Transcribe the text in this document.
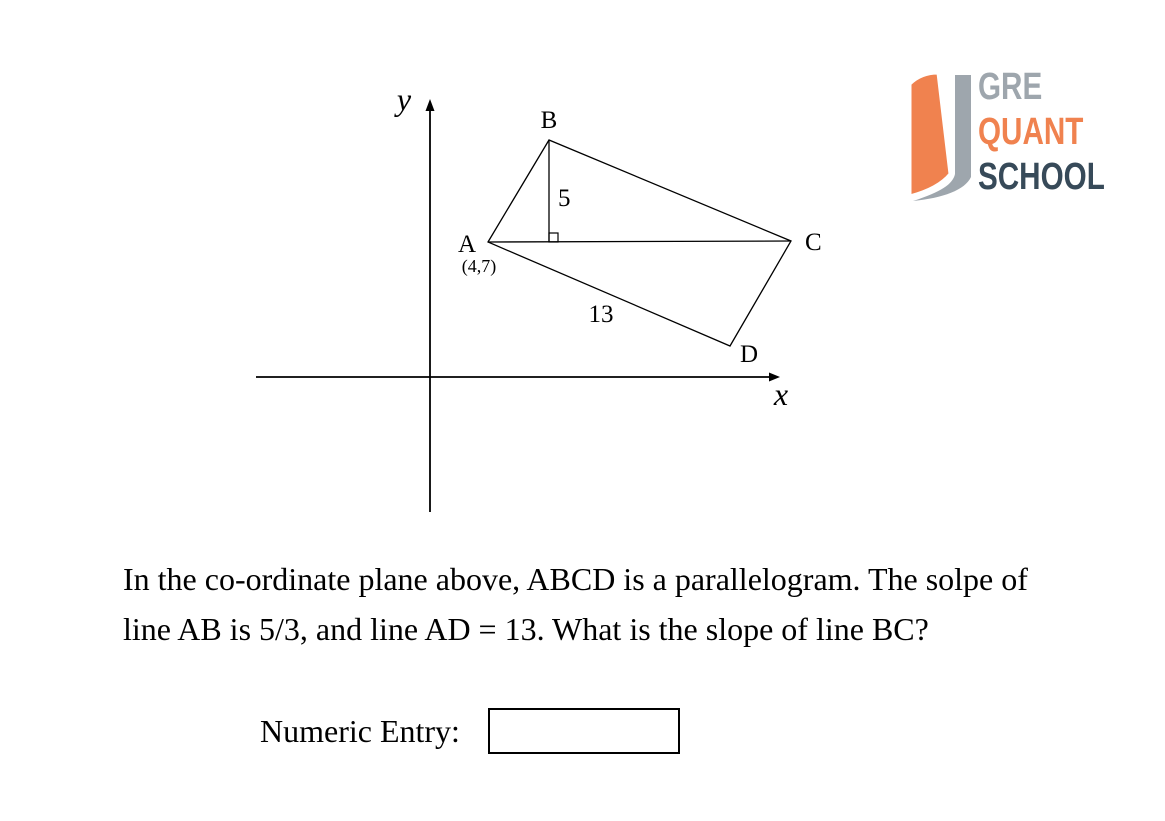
y
x
B
A
(4,7)
C
D
5
13
GRE
QUANT
SCHOOL
In the co-ordinate plane above, ABCD is a parallelogram. The solpe of
line AB is 5/3, and line AD = 13. What is the slope of line BC?
Numeric Entry:
